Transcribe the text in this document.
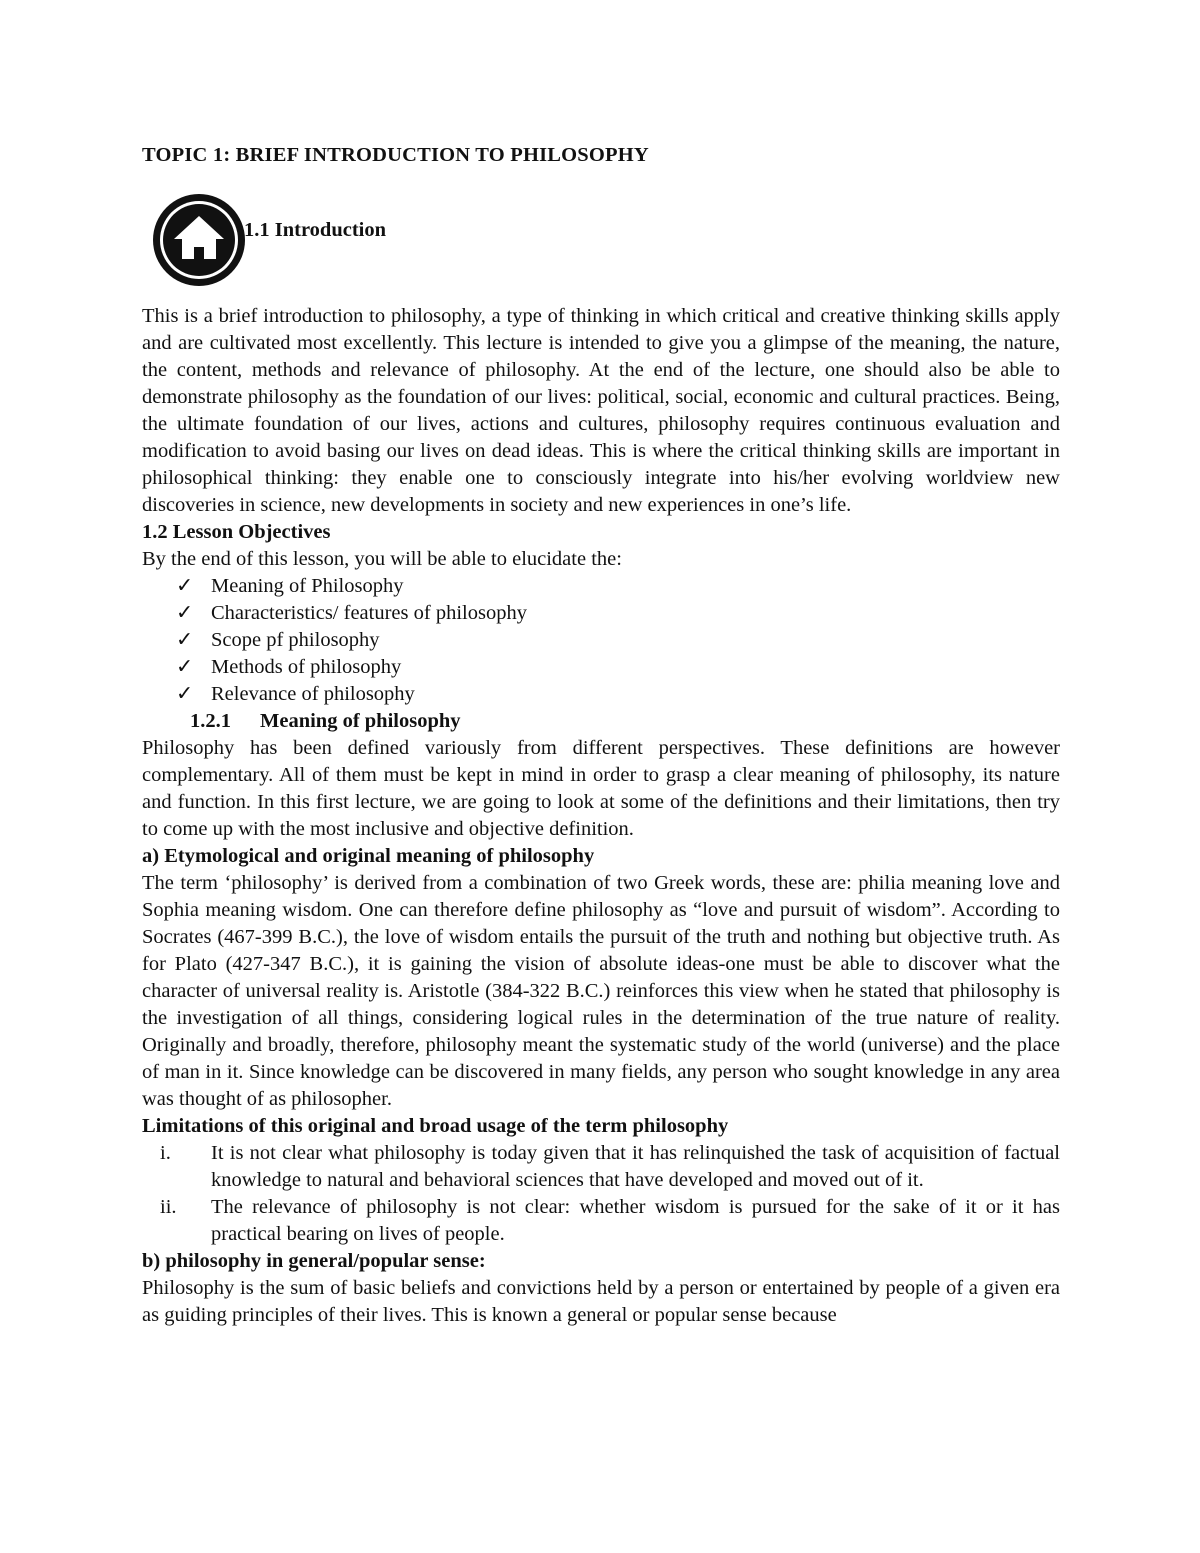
TOPIC 1: BRIEF INTRODUCTION TO PHILOSOPHY
1.1 Introduction

This is a brief introduction to philosophy, a type of thinking in which critical and creative thinking skills apply and are cultivated most excellently. This lecture is intended to give you a glimpse of the meaning, the nature, the content, methods and relevance of philosophy. At the end of the lecture, one should also be able to demonstrate philosophy as the foundation of our lives: political, social, economic and cultural practices. Being, the ultimate foundation of our lives, actions and cultures, philosophy requires continuous evaluation and modification to avoid basing our lives on dead ideas. This is where the critical thinking skills are important in philosophical thinking: they enable one to consciously integrate into his/her evolving worldview new discoveries in science, new developments in society and new experiences in one’s life.

1.2 Lesson Objectives

By the end of this lesson, you will be able to elucidate the:

✓ Meaning of Philosophy
✓ Characteristics/ features of philosophy
✓ Scope pf philosophy
✓ Methods of philosophy
✓ Relevance of philosophy
1.2.1 Meaning of philosophy

Philosophy has been defined variously from different perspectives. These definitions are however complementary. All of them must be kept in mind in order to grasp a clear meaning of philosophy, its nature and function. In this first lecture, we are going to look at some of the definitions and their limitations, then try to come up with the most inclusive and objective definition.

a) Etymological and original meaning of philosophy

The term ‘philosophy’ is derived from a combination of two Greek words, these are: philia meaning love and Sophia meaning wisdom. One can therefore define philosophy as “love and pursuit of wisdom”. According to Socrates (467-399 B.C.), the love of wisdom entails the pursuit of the truth and nothing but objective truth. As for Plato (427-347 B.C.), it is gaining the vision of absolute ideas-one must be able to discover what the character of universal reality is. Aristotle (384-322 B.C.) reinforces this view when he stated that philosophy is the investigation of all things, considering logical rules in the determination of the true nature of reality. Originally and broadly, therefore, philosophy meant the systematic study of the world (universe) and the place of man in it. Since knowledge can be discovered in many fields, any person who sought knowledge in any area was thought of as philosopher.

Limitations of this original and broad usage of the term philosophy
i.	It is not clear what philosophy is today given that it has relinquished the task of acquisition of factual knowledge to natural and behavioral sciences that have developed and moved out of it.
ii.	The relevance of philosophy is not clear: whether wisdom is pursued for the sake of it or it has practical bearing on lives of people.
b) philosophy in general/popular sense:

Philosophy is the sum of basic beliefs and convictions held by a person or entertained by people of a given era as guiding principles of their lives. This is known a general or popular sense because
